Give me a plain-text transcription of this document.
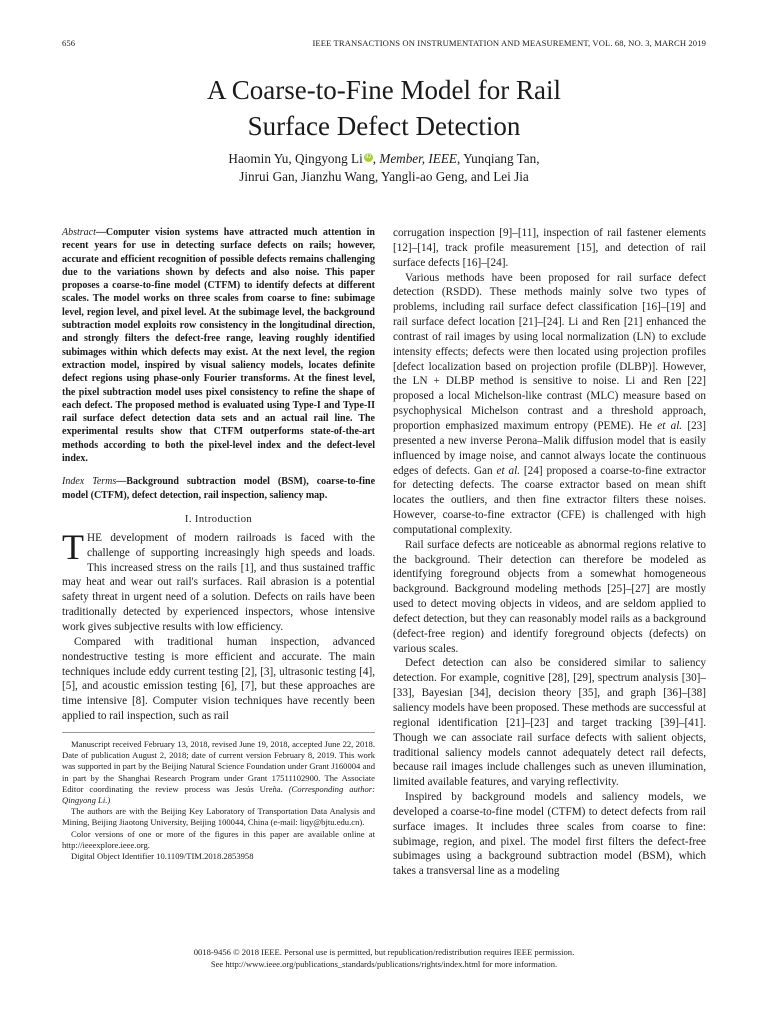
656	IEEE TRANSACTIONS ON INSTRUMENTATION AND MEASUREMENT, VOL. 68, NO. 3, MARCH 2019
A Coarse-to-Fine Model for Rail
Surface Defect Detection
Haomin Yu, Qingyong Li iD , Member, IEEE, Yunqiang Tan,
Jinrui Gan, Jianzhu Wang, Yangli-ao Geng, and Lei Jia

Abstract—Computer vision systems have attracted much attention in recent years for use in detecting surface defects on rails; however, accurate and efficient recognition of possible defects remains challenging due to the variations shown by defects and also noise. This paper proposes a coarse-to-fine model (CTFM) to identify defects at different scales. The model works on three scales from coarse to fine: subimage level, region level, and pixel level. At the subimage level, the background subtraction model exploits row consistency in the longitudinal direction, and strongly filters the defect-free range, leaving roughly identified subimages within which defects may exist. At the next level, the region extraction model, inspired by visual saliency models, locates definite defect regions using phase-only Fourier transforms. At the finest level, the pixel subtraction model uses pixel consistency to refine the shape of each defect. The proposed method is evaluated using Type-I and Type-II rail surface defect detection data sets and an actual rail line. The experimental results show that CTFM outperforms state-of-the-art methods according to both the pixel-level index and the defect-level index.

Index Terms—Background subtraction model (BSM), coarse-to-fine model (CTFM), defect detection, rail inspection, saliency map.

I. Introduction

THE development of modern railroads is faced with the challenge of supporting increasingly high speeds and loads. This increased stress on the rails [1], and thus sustained traffic may heat and wear out rail's surfaces. Rail abrasion is a potential safety threat in urgent need of a solution. Defects on rails have been traditionally detected by experienced inspectors, whose intensive work gives subjective results with low efficiency.

Compared with traditional human inspection, advanced nondestructive testing is more efficient and accurate. The main techniques include eddy current testing [2], [3], ultrasonic testing [4], [5], and acoustic emission testing [6], [7], but these approaches are time intensive [8]. Computer vision techniques have recently been applied to rail inspection, such as rail

Manuscript received February 13, 2018, revised June 19, 2018, accepted June 22, 2018. Date of publication August 2, 2018; date of current version February 8, 2019. This work was supported in part by the Beijing Natural Science Foundation under Grant J160004 and in part by the Shanghai Research Program under Grant 17511102900. The Associate Editor coordinating the review process was Jesús Ureña. (Corresponding author: Qingyong Li.)

The authors are with the Beijing Key Laboratory of Transportation Data Analysis and Mining, Beijing Jiaotong University, Beijing 100044, China (e-mail: liqy@bjtu.edu.cn).

Color versions of one or more of the figures in this paper are available online at http://ieeexplore.ieee.org.

Digital Object Identifier 10.1109/TIM.2018.2853958

corrugation inspection [9]–[11], inspection of rail fastener elements [12]–[14], track profile measurement [15], and detection of rail surface defects [16]–[24].

Various methods have been proposed for rail surface defect detection (RSDD). These methods mainly solve two types of problems, including rail surface defect classification [16]–[19] and rail surface defect location [21]–[24]. Li and Ren [21] enhanced the contrast of rail images by using local normalization (LN) to exclude intensity effects; defects were then located using projection profiles [defect localization based on projection profile (DLBP)]. However, the LN + DLBP method is sensitive to noise. Li and Ren [22] proposed a local Michelson-like contrast (MLC) measure based on psychophysical Michelson contrast and a threshold approach, proportion emphasized maximum entropy (PEME). He et al. [23] presented a new inverse Perona–Malik diffusion model that is easily influenced by image noise, and cannot always locate the continuous edges of defects. Gan et al. [24] proposed a coarse-to-fine extractor for detecting defects. The coarse extractor based on mean shift locates the outliers, and then fine extractor filters these noises. However, coarse-to-fine extractor (CFE) is challenged with high computational complexity.

Rail surface defects are noticeable as abnormal regions relative to the background. Their detection can therefore be modeled as identifying foreground objects from a somewhat homogeneous background. Background modeling methods [25]–[27] are mostly used to detect moving objects in videos, and are seldom applied to defect detection, but they can reasonably model rails as a background (defect-free region) and identify foreground objects (defects) on various scales.

Defect detection can also be considered similar to saliency detection. For example, cognitive [28], [29], spectrum analysis [30]–[33], Bayesian [34], decision theory [35], and graph [36]–[38] saliency models have been proposed. These methods are successful at regional identification [21]–[23] and target tracking [39]–[41]. Though we can associate rail surface defects with salient objects, traditional saliency models cannot adequately detect rail defects, because rail images include challenges such as uneven illumination, limited available features, and varying reflectivity.

Inspired by background models and saliency models, we developed a coarse-to-fine model (CTFM) to detect defects from rail surface images. It includes three scales from coarse to fine: subimage, region, and pixel. The model first filters the defect-free subimages using a background subtraction model (BSM), which takes a transversal line as a modeling

0018-9456 © 2018 IEEE. Personal use is permitted, but republication/redistribution requires IEEE permission.
See http://www.ieee.org/publications_standards/publications/rights/index.html for more information.
